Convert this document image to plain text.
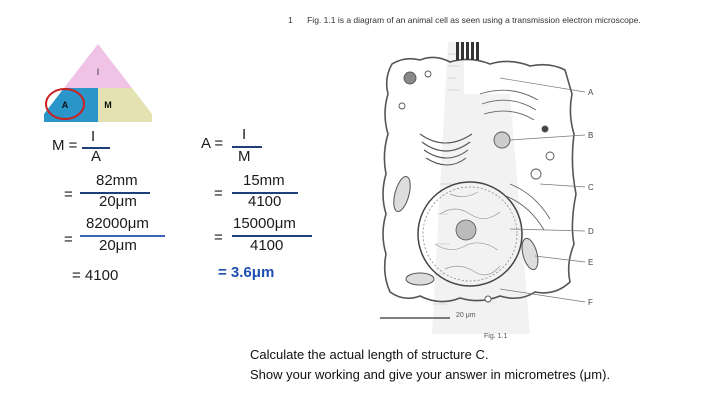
1 Fig. 1.1 is a diagram of an animal cell as seen using a transmission electron microscope.
I
A	M
M =
I
A
=
82mm
20μm
=
82000μm
20μm
= 4100
A =
I
M
=
15mm
4100
=
15000μm
4100
= 3.6μm
A
B
C
D
E
F
20 μm
Fig. 1.1
Calculate the actual length of structure C.
Show your working and give your answer in micrometres (μm).
